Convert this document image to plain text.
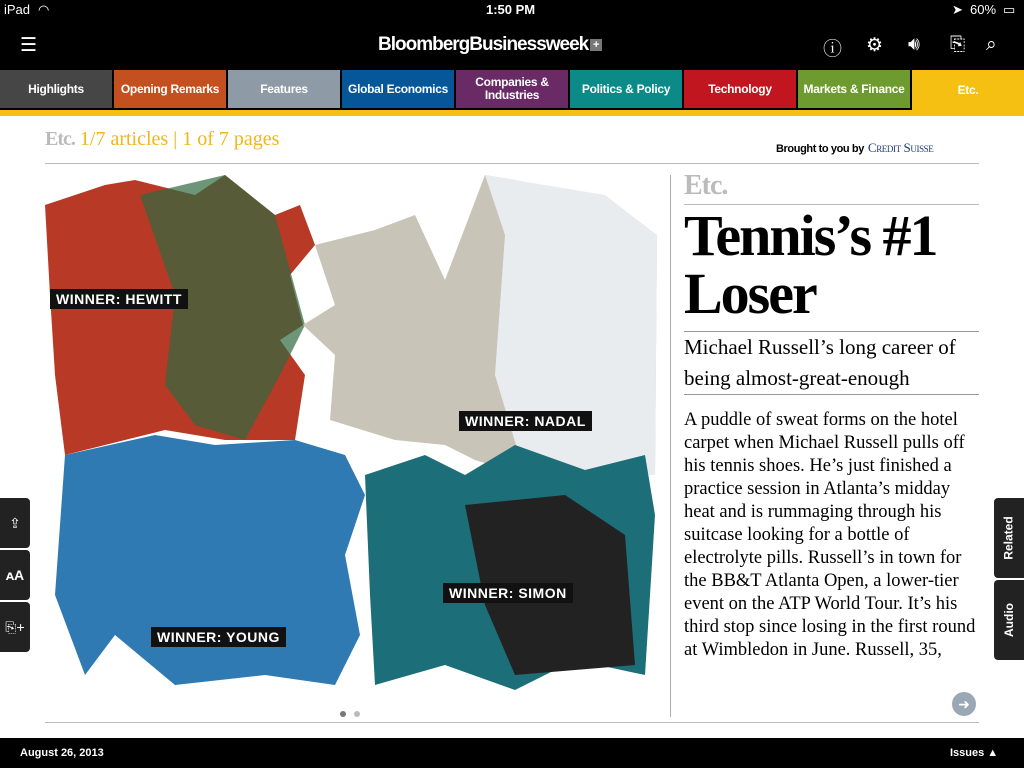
iPad ◠	1:50 PM	➤ 60% ▭
☰	BloombergBusinessweek +	ⓘ ⚙ 🔊︎ ⎘ ⌕
Highlights	Opening Remarks	Features	Global Economics	Companies & Industries	Politics & Policy	Technology	Markets & Finance	Etc.
Etc. 1/7 articles | 1 of 7 pages	Brought to you by Credit Suisse
WINNER: HEWITT
WINNER: NADAL
WINNER: YOUNG
WINNER: SIMON
Etc.
Tennis’s #1 Loser
Michael Russell’s long career of being almost-great-enough
A puddle of sweat forms on the hotel carpet when Michael Russell pulls off his tennis shoes. He’s just finished a practice session in Atlanta’s midday heat and is rummaging through his suitcase looking for a bottle of electrolyte pills. Russell’s in town for the BB&T Atlanta Open, a lower-tier event on the ATP World Tour. It’s his third stop since losing in the first round at Wimbledon in June. Russell, 35,
⇪
ᴀA
⎘+
Related
Audio
➜
August 26, 2013	Issues ▲
